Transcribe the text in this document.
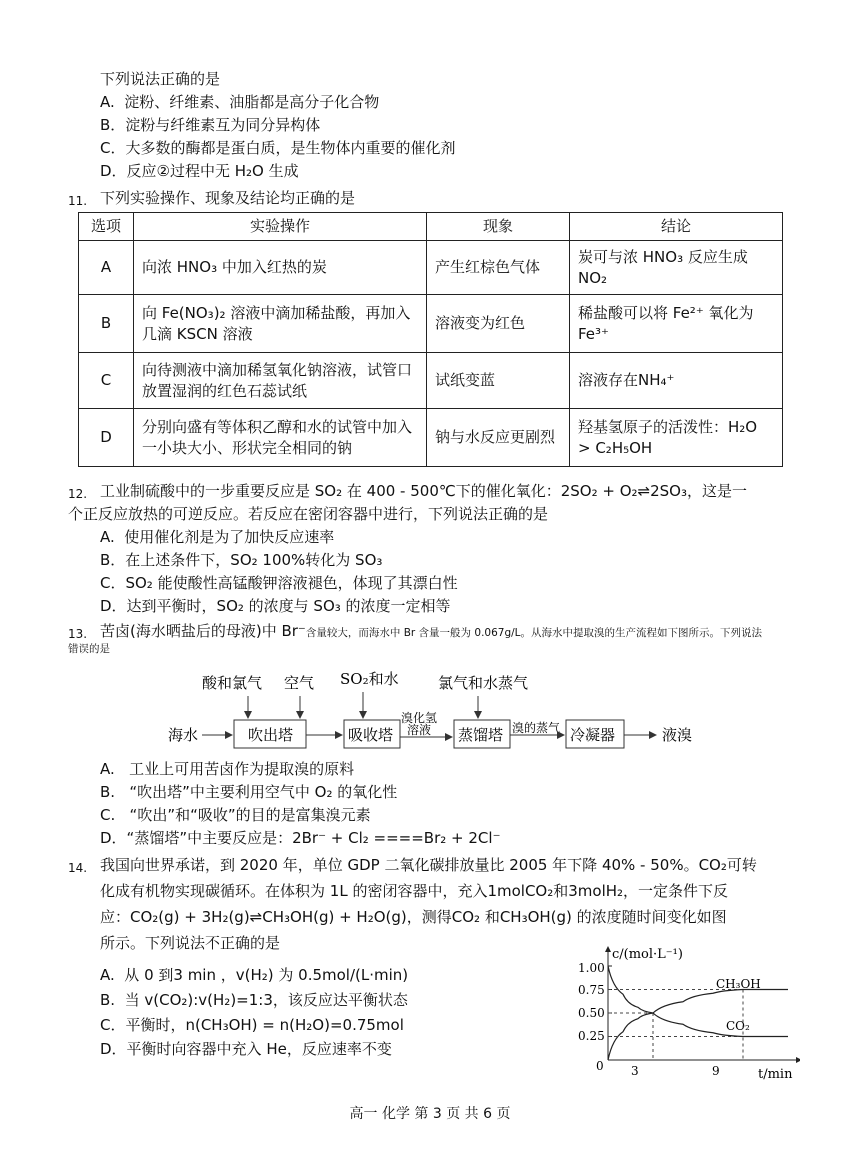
下列说法正确的是
A.  淀粉、纤维素、油脂都是高分子化合物
B．淀粉与纤维素互为同分异构体
C．大多数的酶都是蛋白质，是生物体内重要的催化剂
D．反应②过程中无 H₂O 生成
11. 下列实验操作、现象及结论均正确的是
选项	实验操作	现象	结论
A	向浓 HNO₃ 中加入红热的炭	产生红棕色气体	炭可与浓 HNO₃ 反应生成 NO₂
B	向 Fe(NO₃)₂ 溶液中滴加稀盐酸，再加入几滴 KSCN 溶液	溶液变为红色	稀盐酸可以将 Fe²⁺ 氧化为 Fe³⁺
C	向待测液中滴加稀氢氧化钠溶液，试管口放置湿润的红色石蕊试纸	试纸变蓝	溶液存在NH₄⁺
D	分别向盛有等体积乙醇和水的试管中加入一小块大小、形状完全相同的钠	钠与水反应更剧烈	羟基氢原子的活泼性：H₂O > C₂H₅OH
12. 工业制硫酸中的一步重要反应是 SO₂ 在 400 - 500℃下的催化氧化：2SO₂ + O₂⇌2SO₃，这是一
个正反应放热的可逆反应。若反应在密闭容器中进行，下列说法正确的是
A.  使用催化剂是为了加快反应速率
B．在上述条件下，SO₂ 100%转化为 SO₃
C．SO₂ 能使酸性高锰酸钾溶液褪色，体现了其漂白性
D．达到平衡时，SO₂ 的浓度与 SO₃ 的浓度一定相等
13. 苦卤(海水晒盐后的母液)中 Br⁻含量较大，而海水中 Br 含量一般为 0.067g/L。从海水中提取溴的生产流程如下图所示。下列说法
错误的是
酸和氯气 空气 SO₂和水	氯气和水蒸气
海水	吹出塔	吸收塔
溴化氢
溶液 蒸馏塔 溴的蒸气 冷凝器	液溴
A.   工业上可用苦卤作为提取溴的原料
B.   “吹出塔”中主要利用空气中 O₂ 的氧化性
C.   “吹出”和“吸收”的目的是富集溴元素
D．“蒸馏塔”中主要反应是：2Br⁻ + Cl₂ ====Br₂ + 2Cl⁻
14. 我国向世界承诺，到 2020 年，单位 GDP 二氧化碳排放量比 2005 年下降 40% - 50%。CO₂可转
化成有机物实现碳循环。在体积为 1L 的密闭容器中，充入1molCO₂和3molH₂，一定条件下反
应：CO₂(g) + 3H₂(g)⇌CH₃OH(g) + H₂O(g)，测得CO₂ 和CH₃OH(g) 的浓度随时间变化如图
所示。下列说法不正确的是
A.  从 0 到3 min ，v(H₂) 为 0.5mol/(L·min)
B.  当 v(CO₂):v(H₂)=1:3，该反应达平衡状态
C．平衡时，n(CH₃OH) = n(H₂O)=0.75mol
D．平衡时向容器中充入 He，反应速率不变
c/(mol·L⁻¹)
t/min
1.00
0.75
0.50
0.25
0 3	9
CH₃OH
CO₂
高一 化学 第 3 页 共 6 页
